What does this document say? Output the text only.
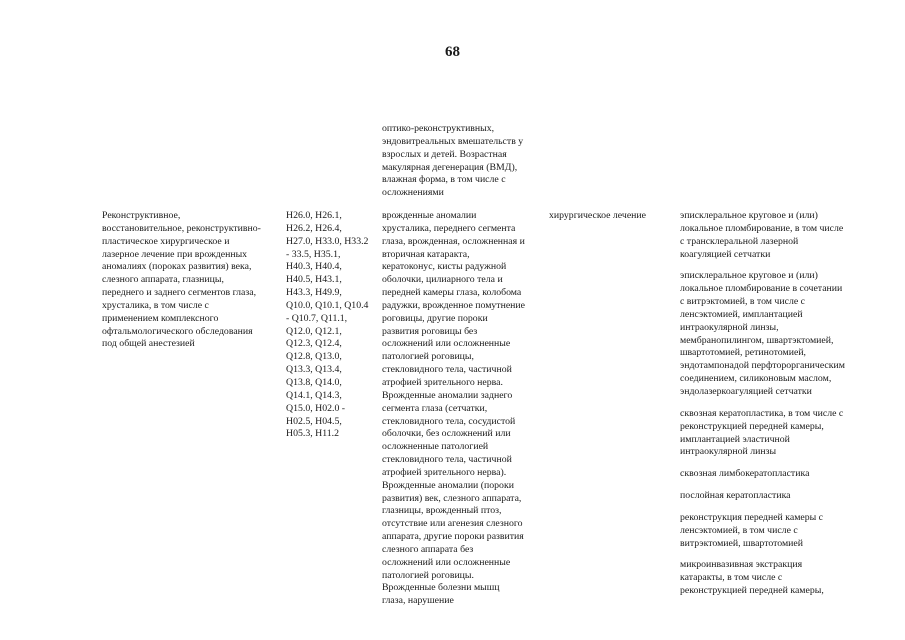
68
оптико-реконструктивных,
эндовитреальных вмешательств у
взрослых и детей. Возрастная
макулярная дегенерация (ВМД),
влажная форма, в том числе с
осложнениями
Реконструктивное,
восстановительное, реконструктивно-
пластическое хирургическое и
лазерное лечение при врожденных
аномалиях (пороках развития) века,
слезного аппарата, глазницы,
переднего и заднего сегментов глаза,
хрусталика, в том числе с
применением комплексного
офтальмологического обследования
под общей анестезией
H26.0, H26.1,
H26.2, H26.4,
H27.0, H33.0, H33.2
- 33.5, H35.1,
H40.3, H40.4,
H40.5, H43.1,
H43.3, H49.9,
Q10.0, Q10.1, Q10.4
- Q10.7, Q11.1,
Q12.0, Q12.1,
Q12.3, Q12.4,
Q12.8, Q13.0,
Q13.3, Q13.4,
Q13.8, Q14.0,
Q14.1, Q14.3,
Q15.0, H02.0 -
H02.5, H04.5,
H05.3, H11.2
врожденные аномалии
хрусталика, переднего сегмента
глаза, врожденная, осложненная и
вторичная катаракта,
кератоконус, кисты радужной
оболочки, цилиарного тела и
передней камеры глаза, колобома
радужки, врожденное помутнение
роговицы, другие пороки
развития роговицы без
осложнений или осложненные
патологией роговицы,
стекловидного тела, частичной
атрофией зрительного нерва.
Врожденные аномалии заднего
сегмента глаза (сетчатки,
стекловидного тела, сосудистой
оболочки, без осложнений или
осложненные патологией
стекловидного тела, частичной
атрофией зрительного нерва).
Врожденные аномалии (пороки
развития) век, слезного аппарата,
глазницы, врожденный птоз,
отсутствие или агенезия слезного
аппарата, другие пороки развития
слезного аппарата без
осложнений или осложненные
патологией роговицы.
Врожденные болезни мышц
глаза, нарушение
хирургическое лечение	эписклеральное круговое и (или)
локальное пломбирование, в том числе
с трансклеральной лазерной
коагуляцией сетчатки
эписклеральное круговое и (или)
локальное пломбирование в сочетании
с витрэктомией, в том числе с
ленсэктомией, имплантацией
интраокулярной линзы,
мембранопилингом, швартэктомией,
швартотомией, ретинотомией,
эндотампонадой перфторорганическим
соединением, силиконовым маслом,
эндолазеркоагуляцией сетчатки
сквозная кератопластика, в том числе с
реконструкцией передней камеры,
имплантацией эластичной
интраокулярной линзы
сквозная лимбокератопластика
послойная кератопластика
реконструкция передней камеры с
ленсэктомией, в том числе с
витрэктомией, швартотомией
микроинвазивная экстракция
катаракты, в том числе с
реконструкцией передней камеры,
